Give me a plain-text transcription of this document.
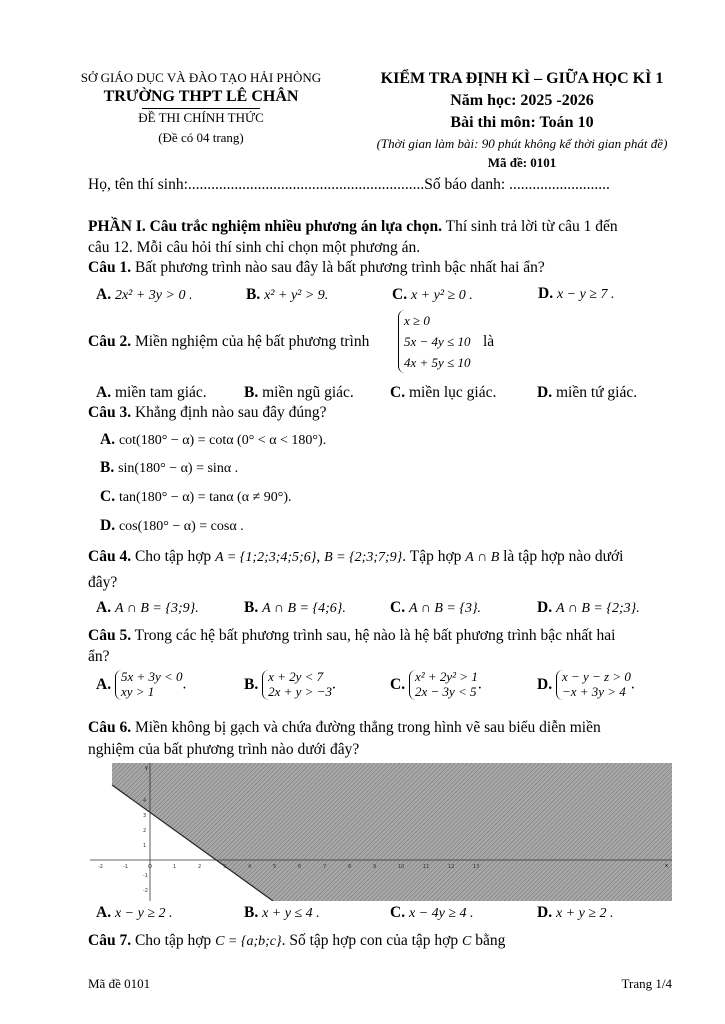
SỞ GIÁO DỤC VÀ ĐÀO TẠO HẢI PHÒNG
TRƯỜNG THPT LÊ CHÂN
ĐỀ THI CHÍNH THỨC
(Đề có 04 trang)
KIỂM TRA ĐỊNH KÌ – GIỮA HỌC KÌ 1
Năm học: 2025 -2026
Bài thi môn: Toán 10
(Thời gian làm bài: 90 phút không kể thời gian phát đề)
Mã đề: 0101
Họ, tên thí sinh:.............................................................Số báo danh: ..........................
PHẦN I. Câu trắc nghiệm nhiều phương án lựa chọn. Thí sinh trả lời từ câu 1 đến
câu 12. Mỗi câu hỏi thí sinh chỉ chọn một phương án.
Câu 1. Bất phương trình nào sau đây là bất phương trình bậc nhất hai ẩn?
A. 2x² + 3y > 0 .	B. x² + y² > 9.	C. x + y² ≥ 0 .	D. x − y ≥ 7 .
Câu 2. Miền nghiệm của hệ bất phương trình
x ≥ 0
5x − 4y ≤ 10
4x + 5y ≤ 10
là
A. miền tam giác. B. miền ngũ giác. C. miền lục giác.	D. miền tứ giác.
Câu 3. Khẳng định nào sau đây đúng?
A. cot(180° − α) = cotα (0° < α < 180°).
B. sin(180° − α) = sinα .
C. tan(180° − α) = tanα (α ≠ 90°).
D. cos(180° − α) = cosα .
Câu 4. Cho tập hợp A = {1;2;3;4;5;6}, B = {2;3;7;9}. Tập hợp A ∩ B là tập hợp nào dưới
đây?
A. A ∩ B = {3;9}.	B. A ∩ B = {4;6}.	C. A ∩ B = {3}.	D. A ∩ B = {2;3}.
Câu 5. Trong các hệ bất phương trình sau, hệ nào là hệ bất phương trình bậc nhất hai
ẩn?
A. 5x + 3y < 0
xy > 1	.	B. x + 2y < 7
2x + y > −3 .	C. x² + 2y² > 1
2x − 3y < 5 .	D. x − y − z > 0
−x + 3y > 4 .
Câu 6. Miền không bị gạch và chứa đường thẳng trong hình vẽ sau biểu diễn miền
nghiệm của bất phương trình nào dưới đây?
-2	-1	O	1	2	3	4	5	6	7	8	9	10	11	12	13
4
3
2
1
-1
-2
y
x
A. x − y ≥ 2 .	B. x + y ≤ 4 .	C. x − 4y ≥ 4 .	D. x + y ≥ 2 .
Câu 7. Cho tập hợp C = {a;b;c}. Số tập hợp con của tập hợp C bằng
Mã đề 0101	Trang 1/4
